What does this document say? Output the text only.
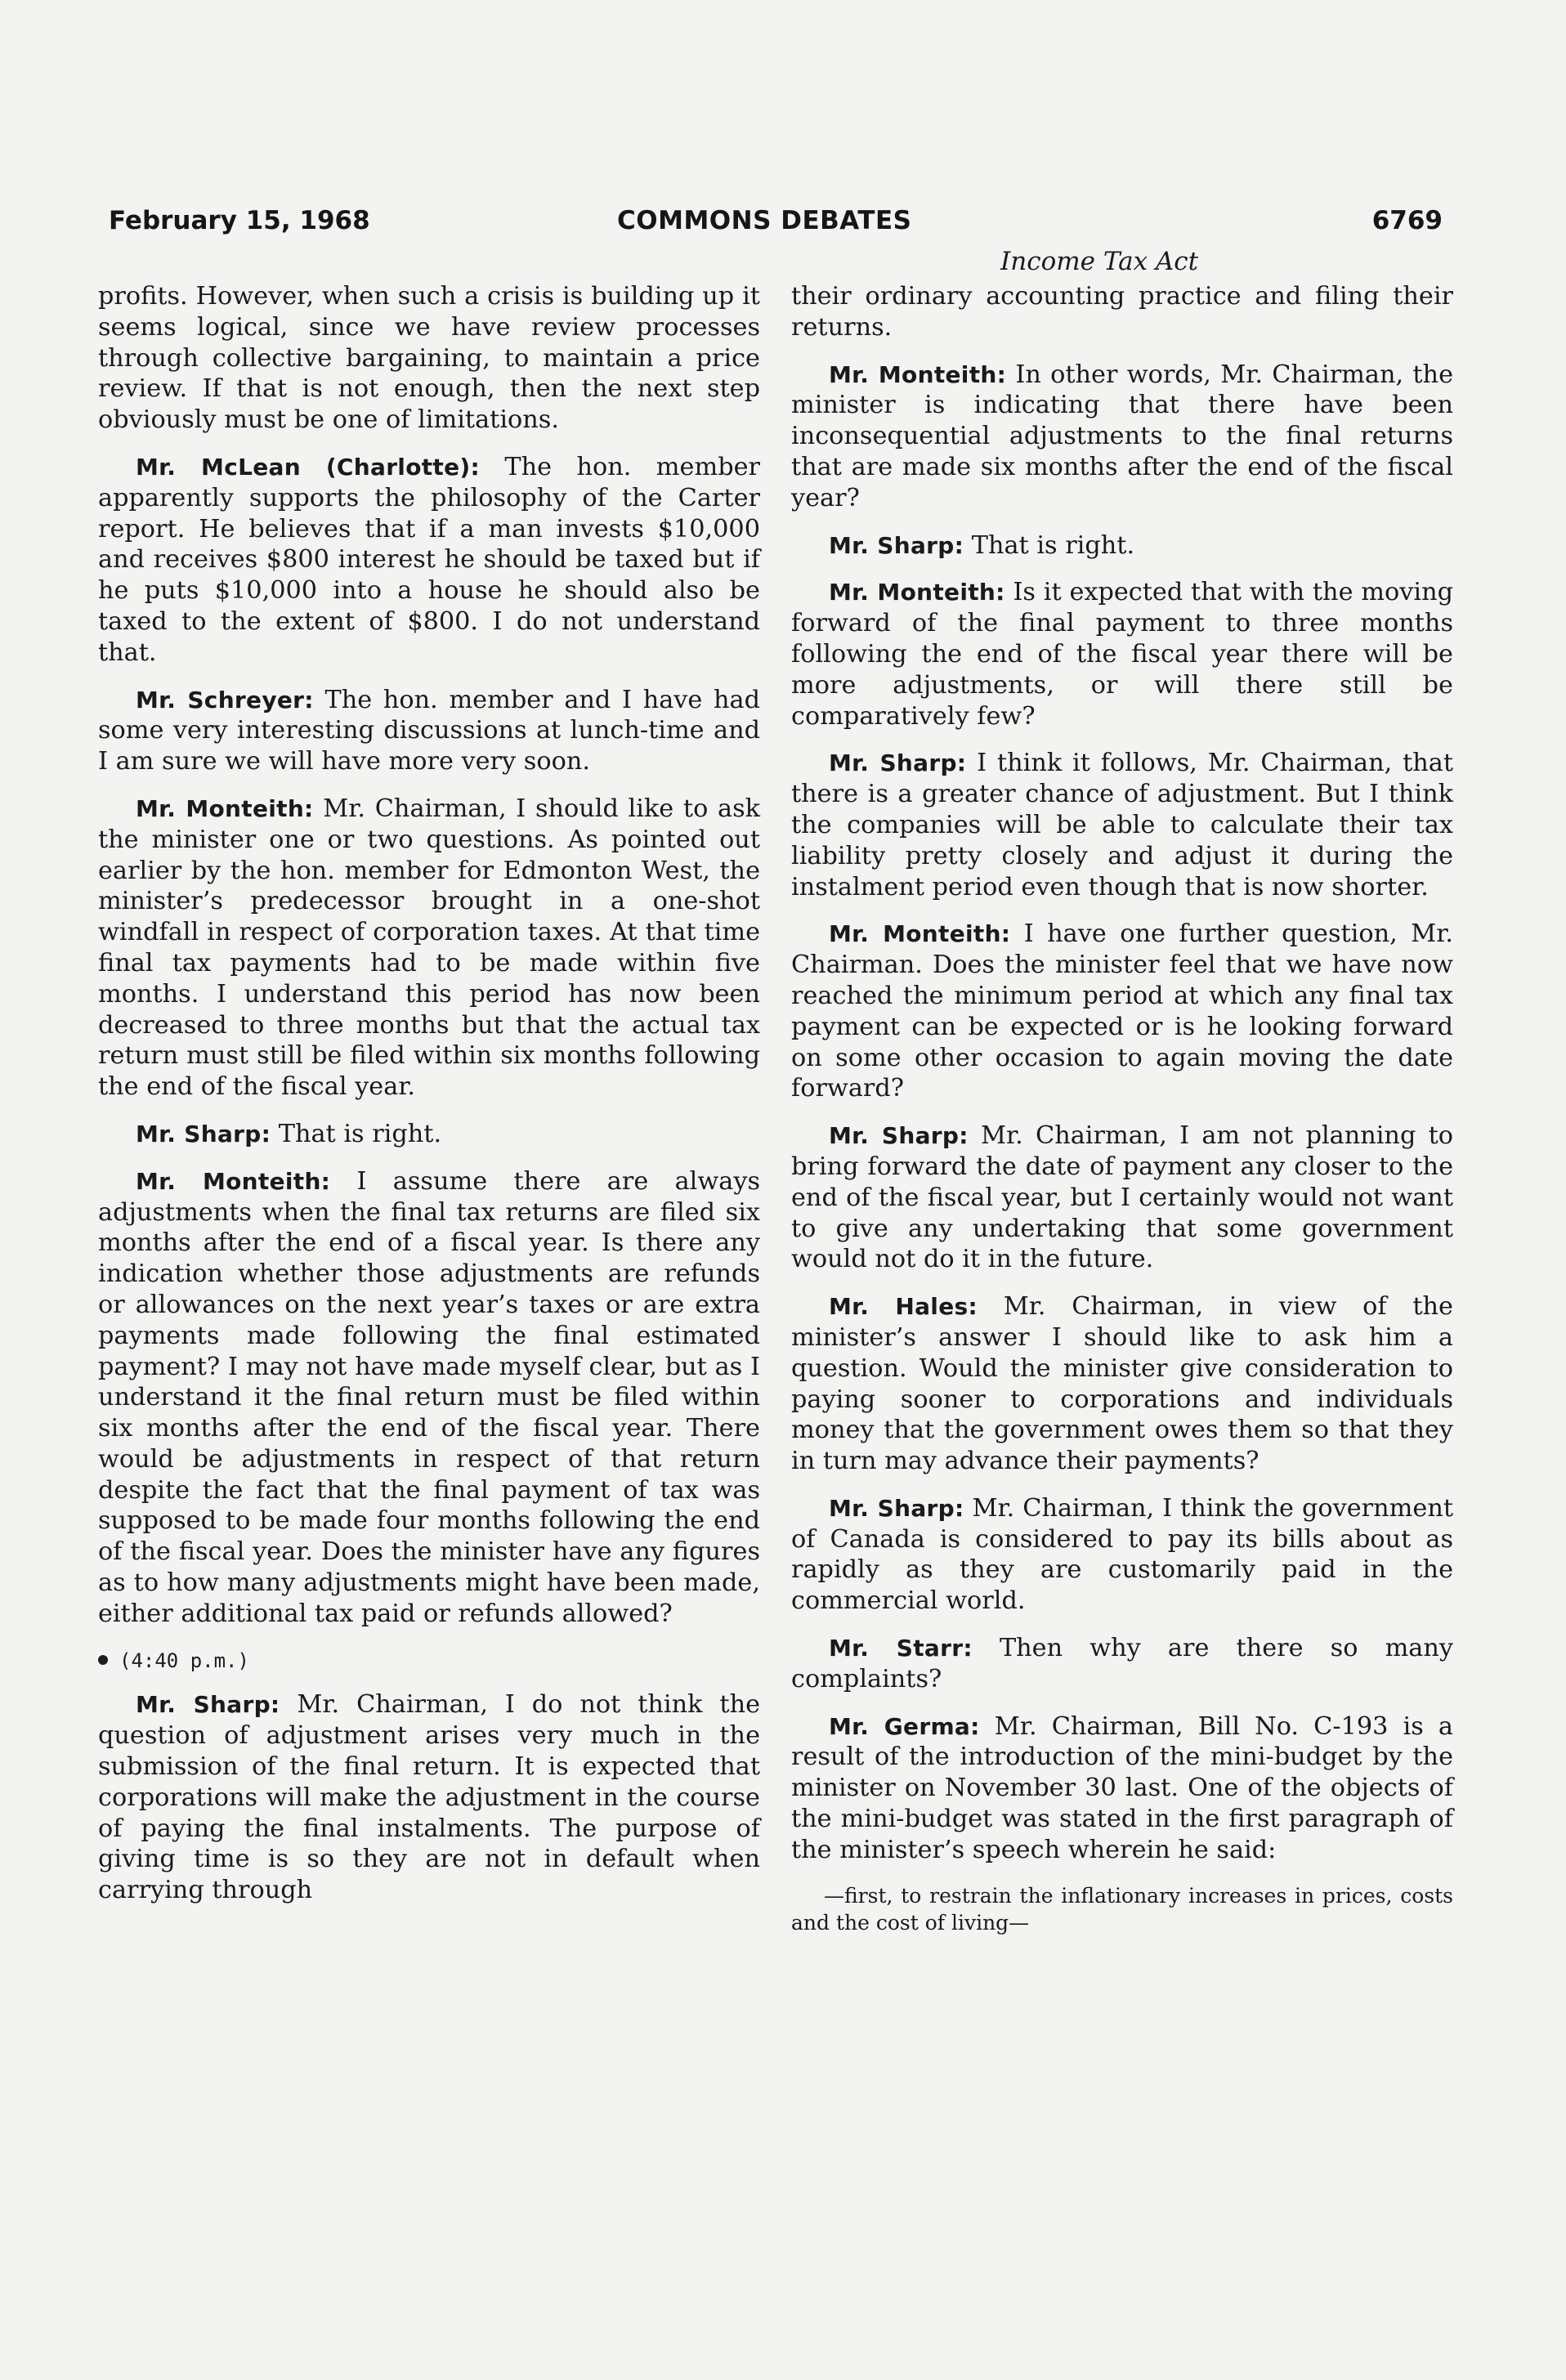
February 15, 1968	COMMONS DEBATES	6769
Income Tax Act

profits. However, when such a crisis is building up it seems logical, since we have review processes through collective bargaining, to maintain a price review. If that is not enough, then the next step obviously must be one of limitations.

Mr. McLean (Charlotte): The hon. member apparently supports the philosophy of the Carter report. He believes that if a man invests $10,000 and receives $800 interest he should be taxed but if he puts $10,000 into a house he should also be taxed to the extent of $800. I do not understand that.

Mr. Schreyer: The hon. member and I have had some very interesting discussions at lunch-time and I am sure we will have more very soon.

Mr. Monteith: Mr. Chairman, I should like to ask the minister one or two questions. As pointed out earlier by the hon. member for Edmonton West, the minister’s predecessor brought in a one-shot windfall in respect of corporation taxes. At that time final tax payments had to be made within five months. I understand this period has now been decreased to three months but that the actual tax return must still be filed within six months following the end of the fiscal year.

Mr. Sharp: That is right.

Mr. Monteith: I assume there are always adjustments when the final tax returns are filed six months after the end of a fiscal year. Is there any indication whether those adjustments are refunds or allowances on the next year’s taxes or are extra payments made following the final estimated payment? I may not have made myself clear, but as I understand it the final return must be filed within six months after the end of the fiscal year. There would be adjustments in respect of that return despite the fact that the final payment of tax was supposed to be made four months following the end of the fiscal year. Does the minister have any figures as to how many adjustments might have been made, either additional tax paid or refunds allowed?

(4:40 p.m.)

Mr. Sharp: Mr. Chairman, I do not think the question of adjustment arises very much in the submission of the final return. It is expected that corporations will make the adjustment in the course of paying the final instalments. The purpose of giving time is so they are not in default when carrying through

their ordinary accounting practice and filing their returns.

Mr. Monteith: In other words, Mr. Chairman, the minister is indicating that there have been inconsequential adjustments to the final returns that are made six months after the end of the fiscal year?

Mr. Sharp: That is right.

Mr. Monteith: Is it expected that with the moving forward of the final payment to three months following the end of the fiscal year there will be more adjustments, or will there still be comparatively few?

Mr. Sharp: I think it follows, Mr. Chairman, that there is a greater chance of adjustment. But I think the companies will be able to calculate their tax liability pretty closely and adjust it during the instalment period even though that is now shorter.

Mr. Monteith: I have one further question, Mr. Chairman. Does the minister feel that we have now reached the minimum period at which any final tax payment can be expected or is he looking forward on some other occasion to again moving the date forward?

Mr. Sharp: Mr. Chairman, I am not planning to bring forward the date of payment any closer to the end of the fiscal year, but I certainly would not want to give any undertaking that some government would not do it in the future.

Mr. Hales: Mr. Chairman, in view of the minister’s answer I should like to ask him a question. Would the minister give consideration to paying sooner to corporations and individuals money that the government owes them so that they in turn may advance their payments?

Mr. Sharp: Mr. Chairman, I think the government of Canada is considered to pay its bills about as rapidly as they are customarily paid in the commercial world.

Mr. Starr: Then why are there so many complaints?

Mr. Germa: Mr. Chairman, Bill No. C-193 is a result of the introduction of the mini-budget by the minister on November 30 last. One of the objects of the mini-budget was stated in the first paragraph of the minister’s speech wherein he said:

—first, to restrain the inflationary increases in prices, costs and the cost of living—
